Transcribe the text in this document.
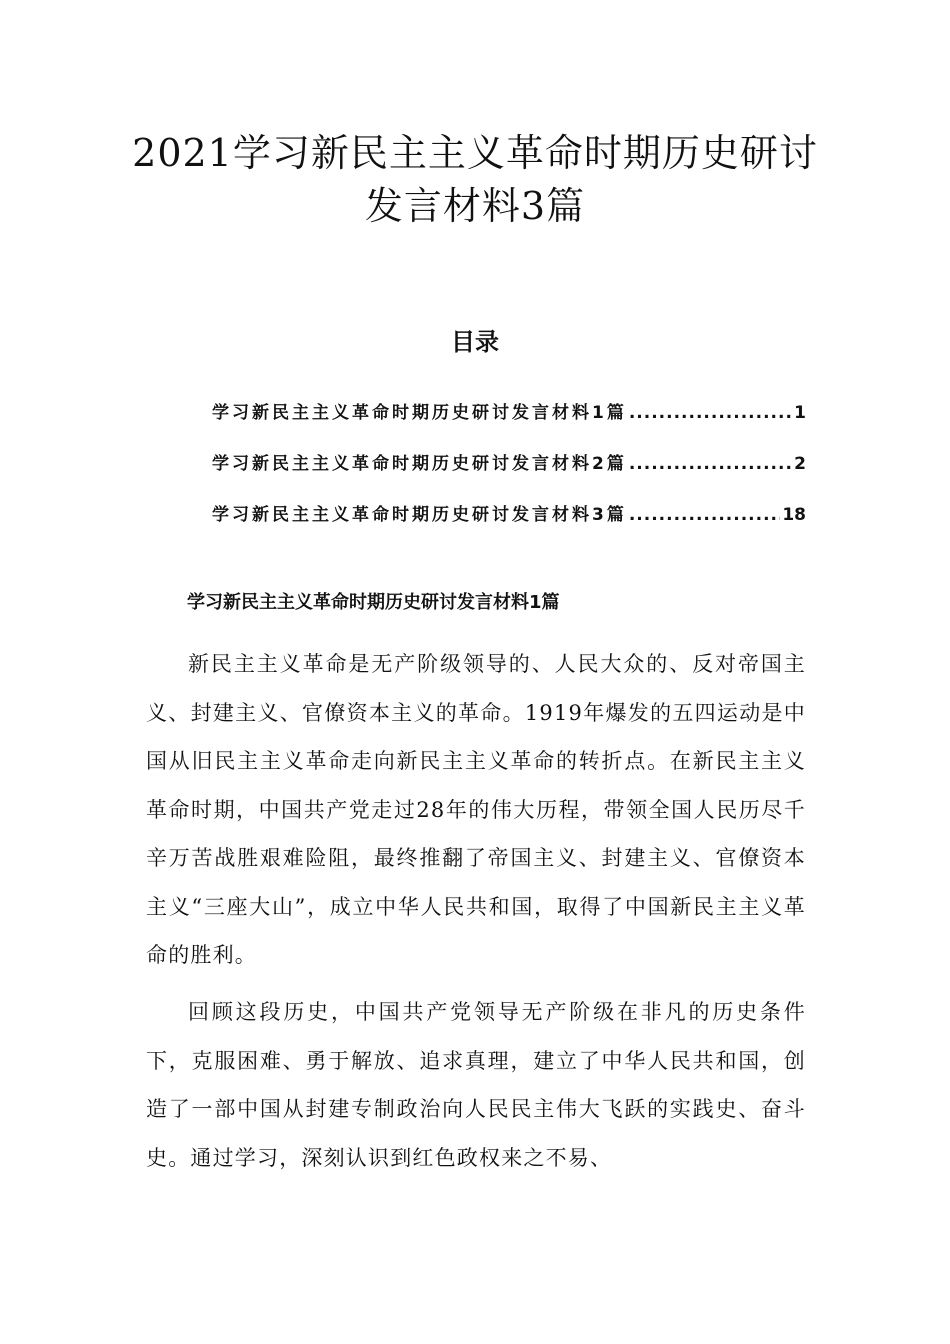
2021学习新民主主义革命时期历史研讨
发言材料3篇
目录
学习新民主主义革命时期历史研讨发言材料1篇 .....	1
学习新民主主义革命时期历史研讨发言材料2篇 .....	2
学习新民主主义革命时期历史研讨发言材料3篇 .....	18
学习新民主主义革命时期历史研讨发言材料1篇

新民主主义革命是无产阶级领导的、人民大众的、反对帝国主义、封建主义、官僚资本主义的革命。1919年爆发的五四运动是中国从旧民主主义革命走向新民主主义革命的转折点。在新民主主义革命时期，中国共产党走过28年的伟大历程，带领全国人民历尽千辛万苦战胜艰难险阻，最终推翻了帝国主义、封建主义、官僚资本主义“三座大山”，成立中华人民共和国，取得了中国新民主主义革命的胜利。

回顾这段历史，中国共产党领导无产阶级在非凡的历史条件下，克服困难、勇于解放、追求真理，建立了中华人民共和国，创造了一部中国从封建专制政治向人民民主伟大飞跃的实践史、奋斗史。通过学习，深刻认识到红色政权来之不易、
